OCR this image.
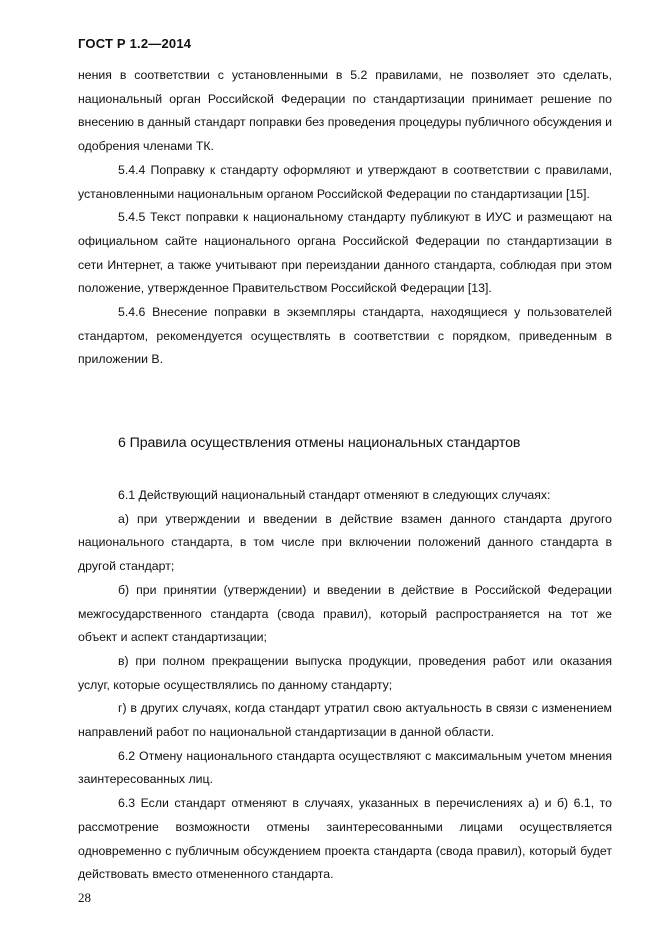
ГОСТ Р 1.2—2014

нения в соответствии с установленными в 5.2 правилами, не позволяет это сделать, национальный орган Российской Федерации по стандартизации принимает решение по внесению в данный стандарт поправки без проведения процедуры публичного обсуждения и одобрения членами ТК.

5.4.4 Поправку к стандарту оформляют и утверждают в соответствии с правилами, установленными национальным органом Российской Федерации по стандартизации [15].

5.4.5 Текст поправки к национальному стандарту публикуют в ИУС и размещают на официальном сайте национального органа Российской Федерации по стандартизации в сети Интернет, а также учитывают при переиздании данного стандарта, соблюдая при этом положение, утвержденное Правительством Российской Федерации [13].

5.4.6 Внесение поправки в экземпляры стандарта, находящиеся у пользователей стандартом, рекомендуется осуществлять в соответствии с порядком, приведенным в приложении В.

6 Правила осуществления отмены национальных стандартов

6.1 Действующий национальный стандарт отменяют в следующих случаях:

а) при утверждении и введении в действие взамен данного стандарта другого национального стандарта, в том числе при включении положений данного стандарта в другой стандарт;

б) при принятии (утверждении) и введении в действие в Российской Федерации межгосударственного стандарта (свода правил), который распространяется на тот же объект и аспект стандартизации;

в) при полном прекращении выпуска продукции, проведения работ или оказания услуг, которые осуществлялись по данному стандарту;

г) в других случаях, когда стандарт утратил свою актуальность в связи с изменением направлений работ по национальной стандартизации в данной области.

6.2 Отмену национального стандарта осуществляют с максимальным учетом мнения заинтересованных лиц.

6.3 Если стандарт отменяют в случаях, указанных в перечислениях а) и б) 6.1, то рассмотрение возможности отмены заинтересованными лицами осуществляется одновременно с публичным обсуждением проекта стандарта (свода правил), который будет действовать вместо отмененного стандарта.

28
